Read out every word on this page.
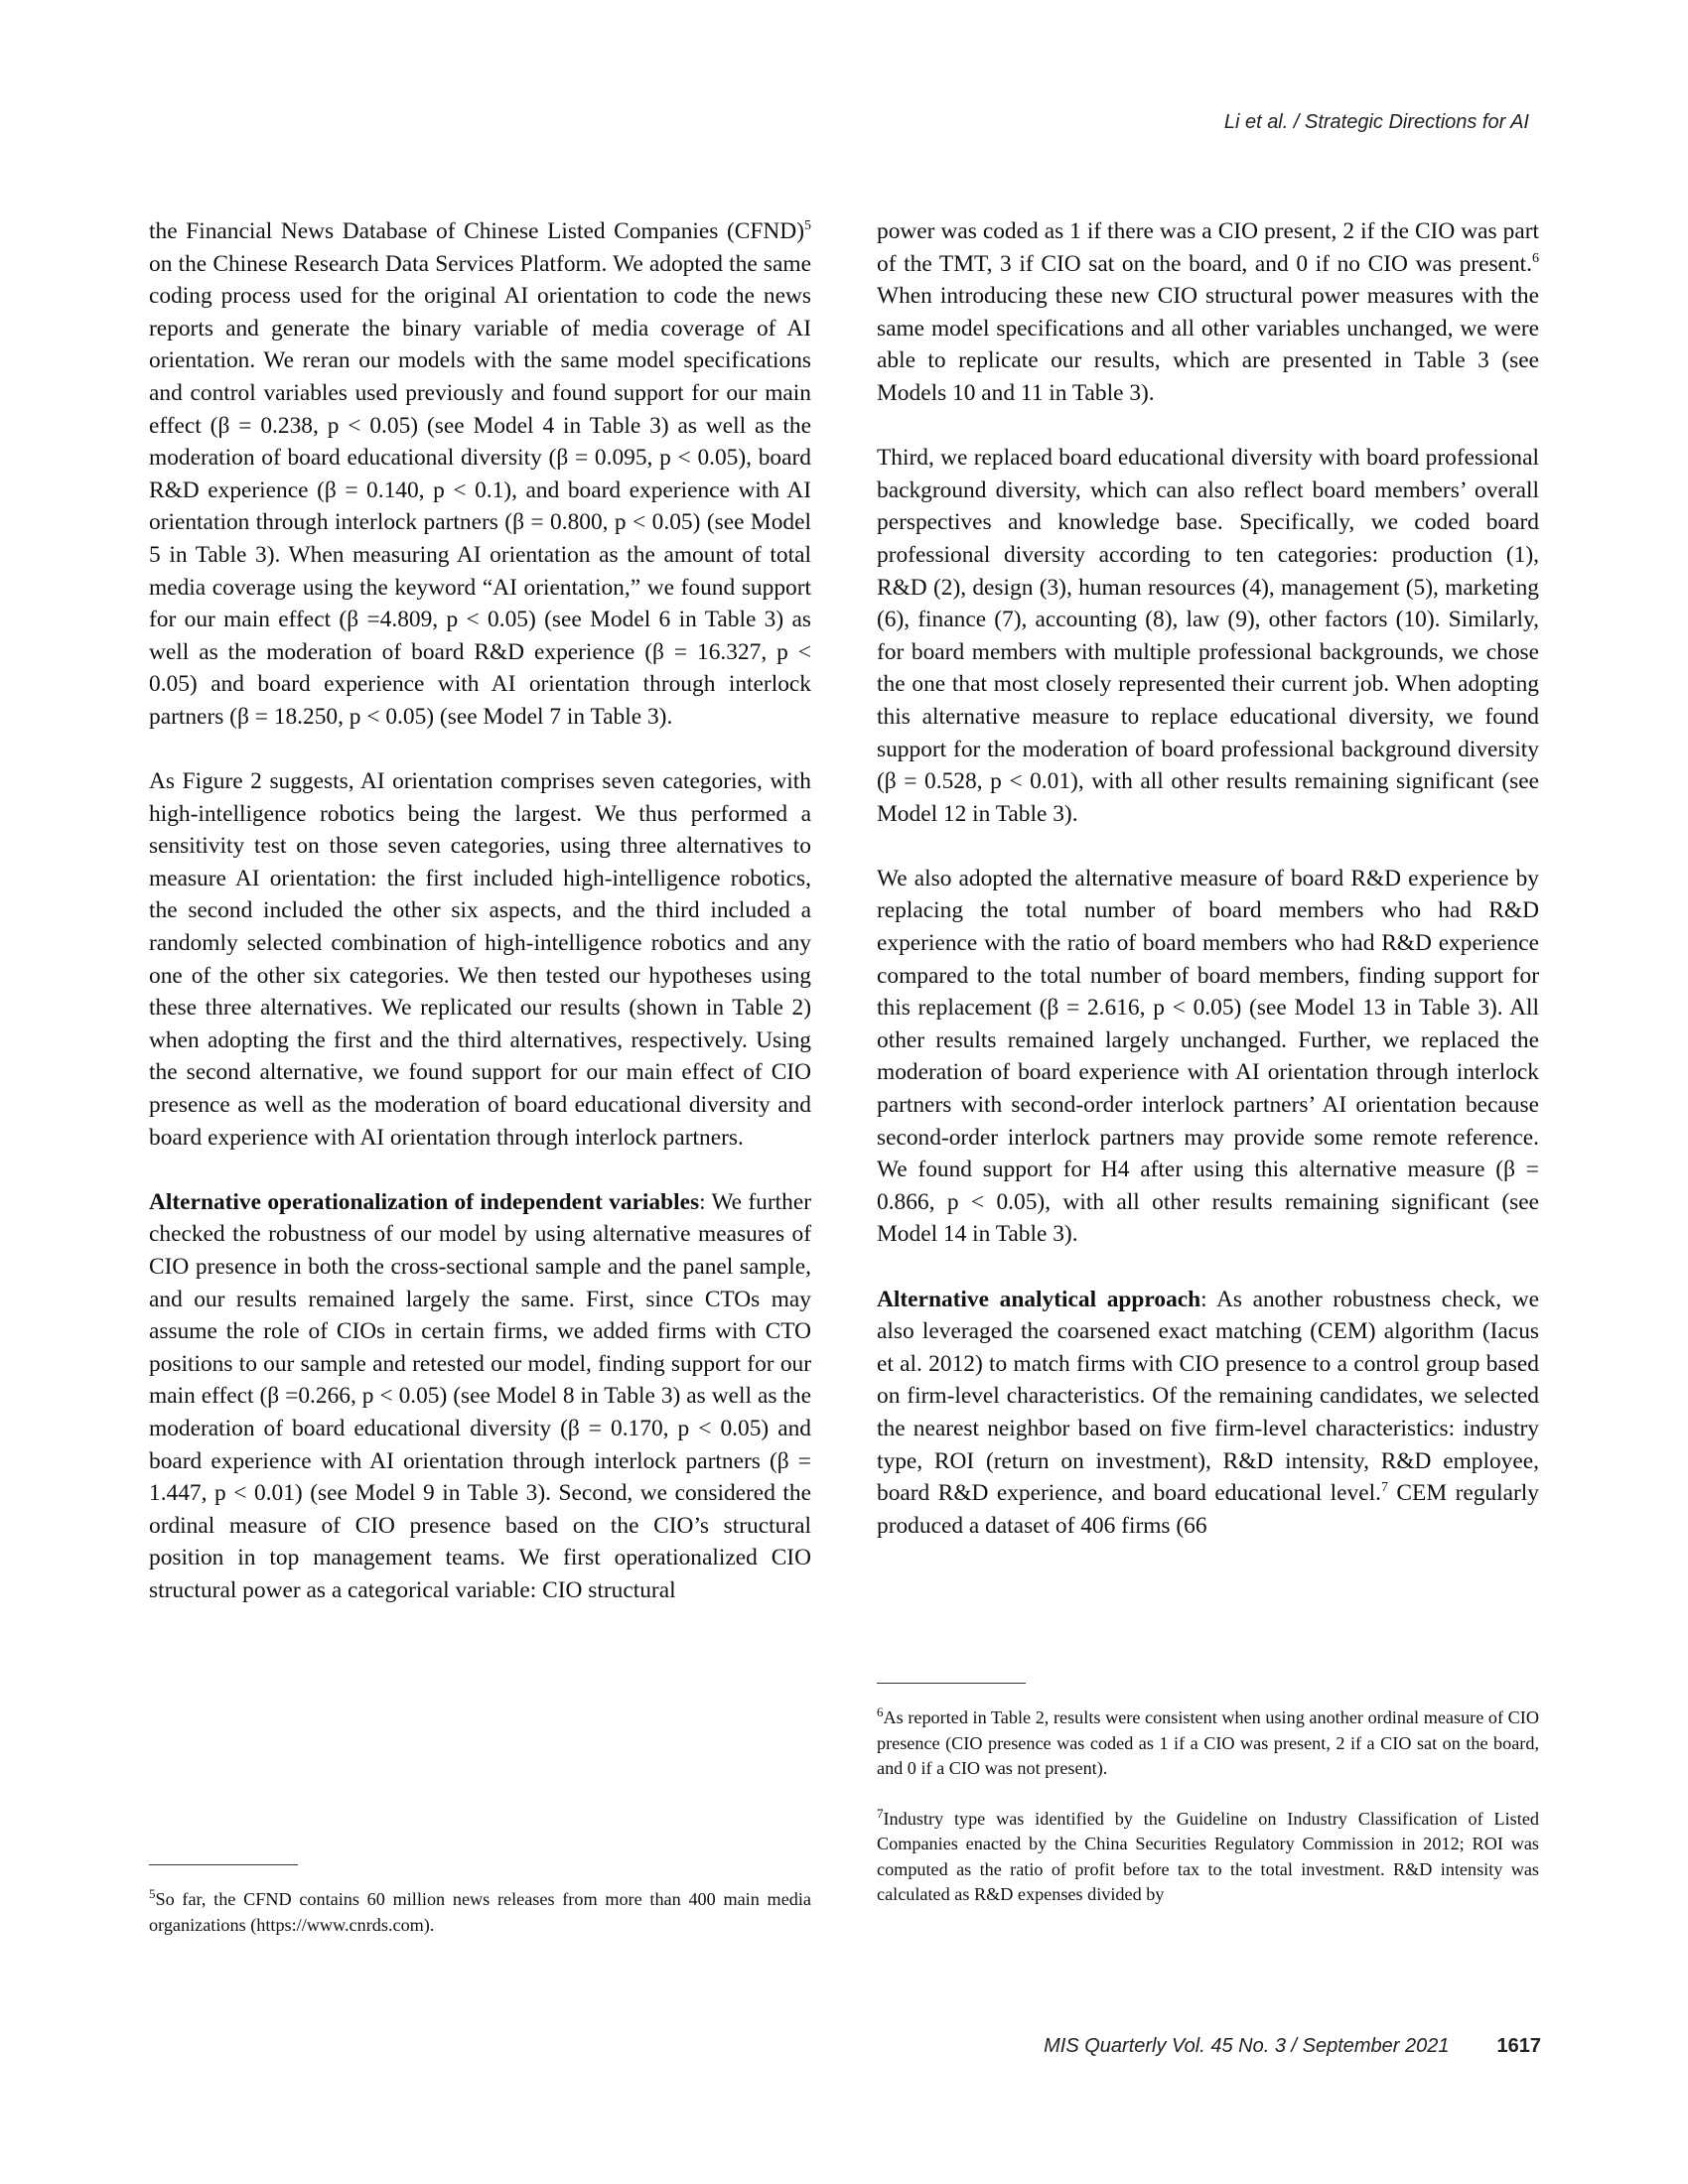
Li et al. / Strategic Directions for AI

the Financial News Database of Chinese Listed Companies (CFND)$^5$ on the Chinese Research Data Services Platform. We adopted the same coding process used for the original AI orientation to code the news reports and generate the binary variable of media coverage of AI orientation. We reran our models with the same model specifications and control variables used previously and found support for our main effect (β = 0.238, p < 0.05) (see Model 4 in Table 3) as well as the moderation of board educational diversity (β = 0.095, p < 0.05), board R&D experience (β = 0.140, p < 0.1), and board experience with AI orientation through interlock partners (β = 0.800, p < 0.05) (see Model 5 in Table 3). When measuring AI orientation as the amount of total media coverage using the keyword “AI orientation,” we found support for our main effect (β =4.809, p < 0.05) (see Model 6 in Table 3) as well as the moderation of board R&D experience (β = 16.327, p < 0.05) and board experience with AI orientation through interlock partners (β = 18.250, p < 0.05) (see Model 7 in Table 3).

As Figure 2 suggests, AI orientation comprises seven categories, with high-intelligence robotics being the largest. We thus performed a sensitivity test on those seven categories, using three alternatives to measure AI orientation: the first included high-intelligence robotics, the second included the other six aspects, and the third included a randomly selected combination of high-intelligence robotics and any one of the other six categories. We then tested our hypotheses using these three alternatives. We replicated our results (shown in Table 2) when adopting the first and the third alternatives, respectively. Using the second alternative, we found support for our main effect of CIO presence as well as the moderation of board educational diversity and board experience with AI orientation through interlock partners.

Alternative operationalization of independent variables: We further checked the robustness of our model by using alternative measures of CIO presence in both the cross-sectional sample and the panel sample, and our results remained largely the same. First, since CTOs may assume the role of CIOs in certain firms, we added firms with CTO positions to our sample and retested our model, finding support for our main effect (β =0.266, p < 0.05) (see Model 8 in Table 3) as well as the moderation of board educational diversity (β = 0.170, p < 0.05) and board experience with AI orientation through interlock partners (β = 1.447, p < 0.01) (see Model 9 in Table 3). Second, we considered the ordinal measure of CIO presence based on the CIO’s structural position in top management teams. We first operationalized CIO structural power as a categorical variable: CIO structural

$^5$So far, the CFND contains 60 million news releases from more than 400 main media organizations (https://www.cnrds.com).

power was coded as 1 if there was a CIO present, 2 if the CIO was part of the TMT, 3 if CIO sat on the board, and 0 if no CIO was present.$^6$ When introducing these new CIO structural power measures with the same model specifications and all other variables unchanged, we were able to replicate our results, which are presented in Table 3 (see Models 10 and 11 in Table 3).

Third, we replaced board educational diversity with board professional background diversity, which can also reflect board members’ overall perspectives and knowledge base. Specifically, we coded board professional diversity according to ten categories: production (1), R&D (2), design (3), human resources (4), management (5), marketing (6), finance (7), accounting (8), law (9), other factors (10). Similarly, for board members with multiple professional backgrounds, we chose the one that most closely represented their current job. When adopting this alternative measure to replace educational diversity, we found support for the moderation of board professional background diversity (β = 0.528, p < 0.01), with all other results remaining significant (see Model 12 in Table 3).

We also adopted the alternative measure of board R&D experience by replacing the total number of board members who had R&D experience with the ratio of board members who had R&D experience compared to the total number of board members, finding support for this replacement (β = 2.616, p < 0.05) (see Model 13 in Table 3). All other results remained largely unchanged. Further, we replaced the moderation of board experience with AI orientation through interlock partners with second-order interlock partners’ AI orientation because second-order interlock partners may provide some remote reference. We found support for H4 after using this alternative measure (β = 0.866, p < 0.05), with all other results remaining significant (see Model 14 in Table 3).

Alternative analytical approach: As another robustness check, we also leveraged the coarsened exact matching (CEM) algorithm (Iacus et al. 2012) to match firms with CIO presence to a control group based on firm-level characteristics. Of the remaining candidates, we selected the nearest neighbor based on five firm-level characteristics: industry type, ROI (return on investment), R&D intensity, R&D employee, board R&D experience, and board educational level.$^7$ CEM regularly produced a dataset of 406 firms (66

$^6$As reported in Table 2, results were consistent when using another ordinal measure of CIO presence (CIO presence was coded as 1 if a CIO was present, 2 if a CIO sat on the board, and 0 if a CIO was not present).

$^7$Industry type was identified by the Guideline on Industry Classification of Listed Companies enacted by the China Securities Regulatory Commission in 2012; ROI was computed as the ratio of profit before tax to the total investment. R&D intensity was calculated as R&D expenses divided by

MIS Quarterly Vol. 45 No. 3 / September 2021 1617
